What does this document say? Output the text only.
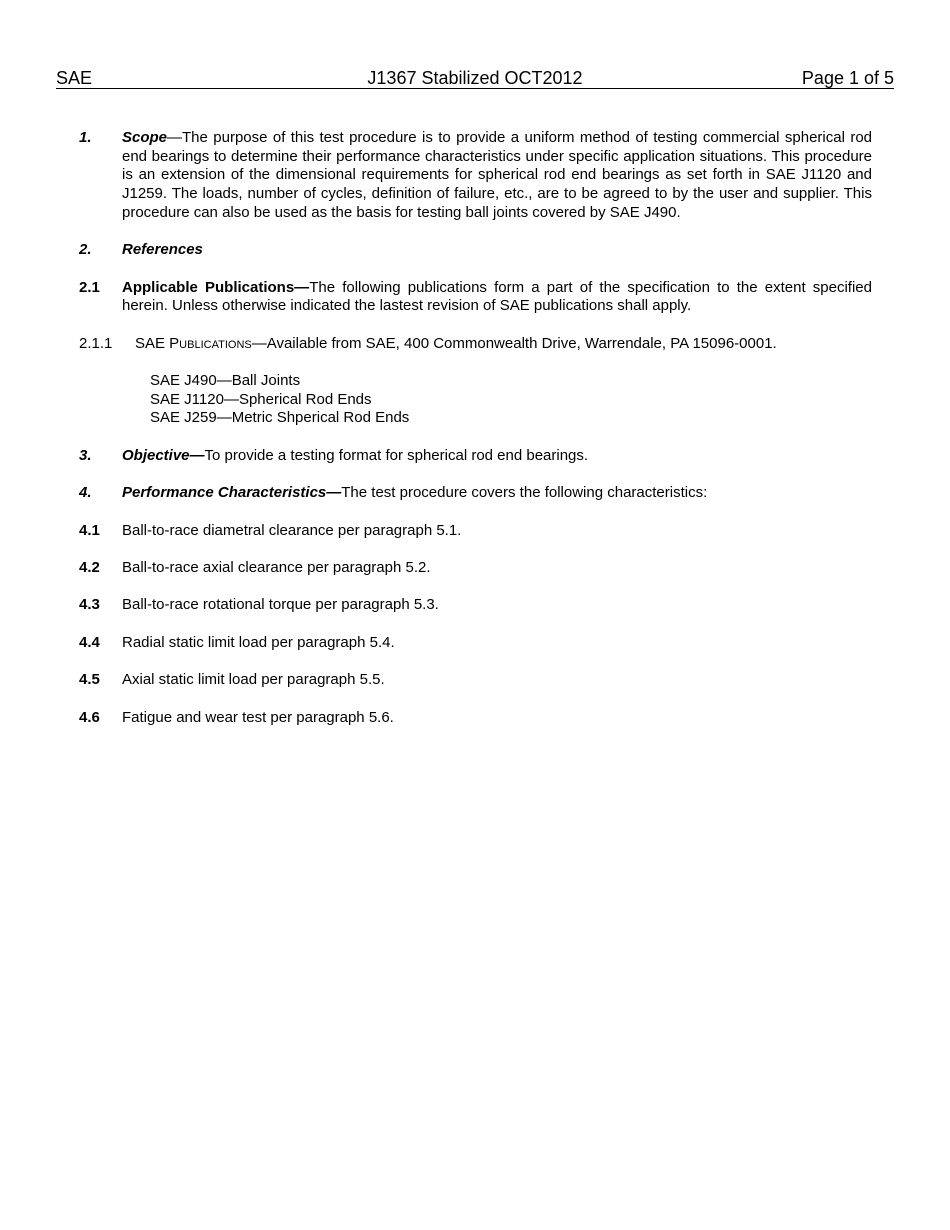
SAE	J1367 Stabilized OCT2012	Page 1 of 5
1. Scope—The purpose of this test procedure is to provide a uniform method of testing commercial spherical rod end bearings to determine their performance characteristics under specific application situations. This procedure is an extension of the dimensional requirements for spherical rod end bearings as set forth in SAE J1120 and J1259. The loads, number of cycles, definition of failure, etc., are to be agreed to by the user and supplier. This procedure can also be used as the basis for testing ball joints covered by SAE J490.
2. References
2.1 Applicable Publications—The following publications form a part of the specification to the extent specified herein. Unless otherwise indicated the lastest revision of SAE publications shall apply.
2.1.1 SAE Publications—Available from SAE, 400 Commonwealth Drive, Warrendale, PA 15096-0001.
SAE J490—Ball Joints
SAE J1120—Spherical Rod Ends
SAE J259—Metric Shperical Rod Ends
3. Objective—To provide a testing format for spherical rod end bearings.
4. Performance Characteristics—The test procedure covers the following characteristics:
4.1 Ball-to-race diametral clearance per paragraph 5.1.
4.2 Ball-to-race axial clearance per paragraph 5.2.
4.3 Ball-to-race rotational torque per paragraph 5.3.
4.4 Radial static limit load per paragraph 5.4.
4.5 Axial static limit load per paragraph 5.5.
4.6 Fatigue and wear test per paragraph 5.6.
